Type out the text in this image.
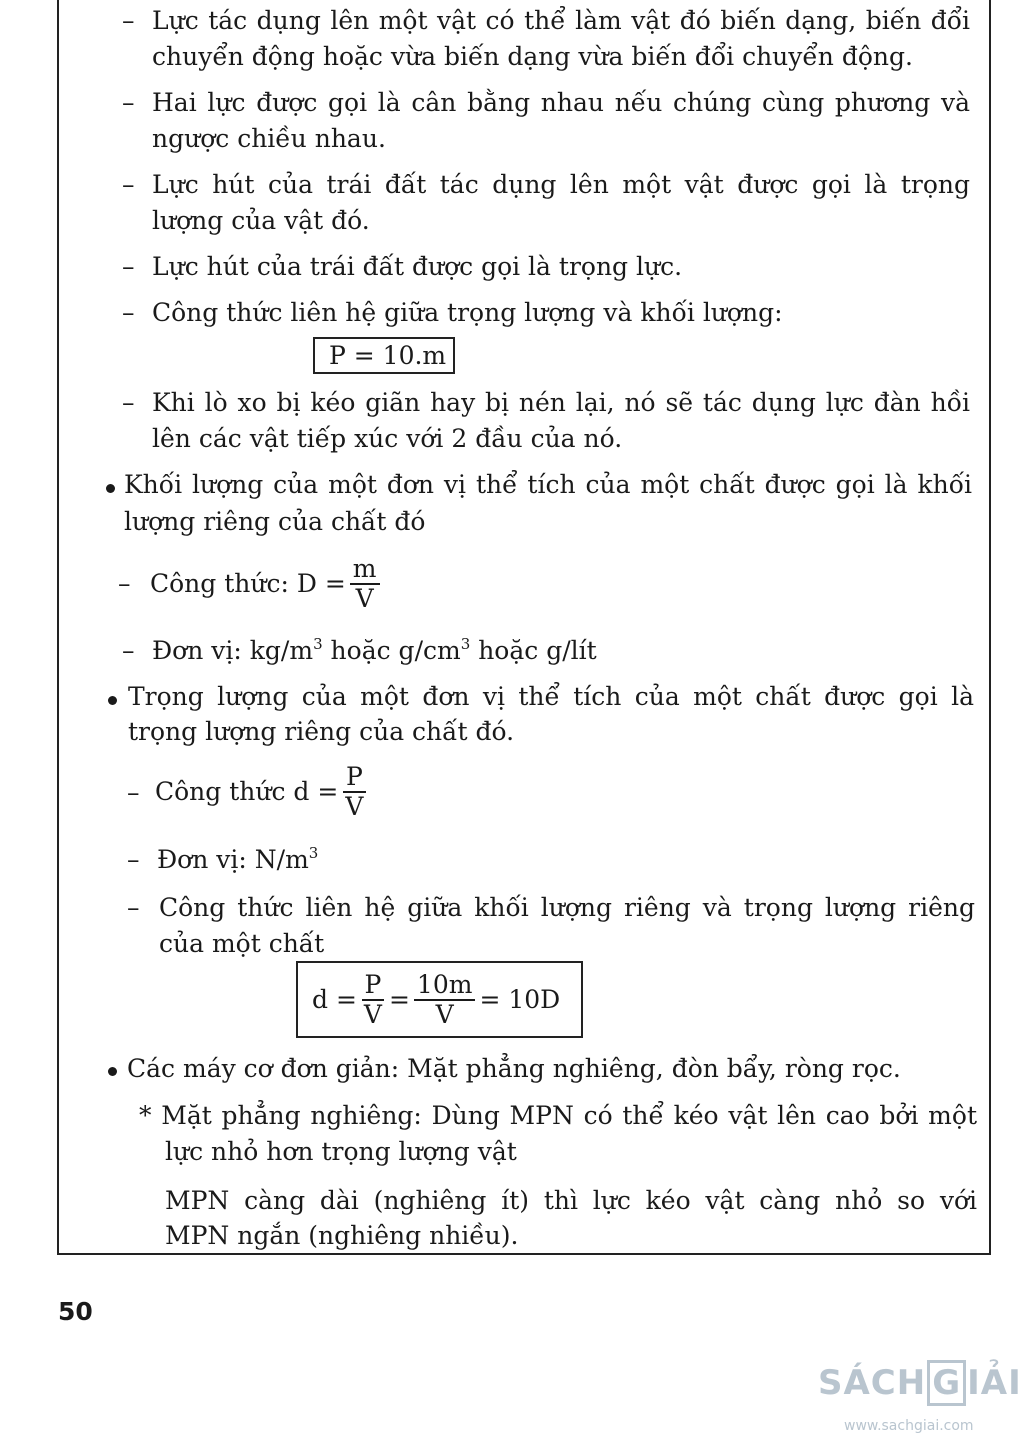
– Lực tác dụng lên một vật có thể làm vật đó biến dạng, biến đổi
chuyển động hoặc vừa biến dạng vừa biến đổi chuyển động.
– Hai lực được gọi là cân bằng nhau nếu chúng cùng phương và
ngược chiều nhau.
– Lực hút của trái đất tác dụng lên một vật được gọi là trọng
lượng của vật đó.
– Lực hút của trái đất được gọi là trọng lực.
– Công thức liên hệ giữa trọng lượng và khối lượng:
P = 10.m
– Khi lò xo bị kéo giãn hay bị nén lại, nó sẽ tác dụng lực đàn hồi
lên các vật tiếp xúc với 2 đầu của nó.
Khối lượng của một đơn vị thể tích của một chất được gọi là khối
lượng riêng của chất đó
– Công thức: $D = \frac{m}{V}$
– Đơn vị: $kg/m^3$ hoặc $g/cm^3$ hoặc g/lít
Trọng lượng của một đơn vị thể tích của một chất được gọi là
trọng lượng riêng của chất đó.
– Công thức $d = \frac{P}{V}$
– Đơn vị: $N/m^3$
– Công thức liên hệ giữa khối lượng riêng và trọng lượng riêng
của một chất
$d = \frac{P}{V} = \frac{10m}{V} = 10D$
Các máy cơ đơn giản: Mặt phẳng nghiêng, đòn bẩy, ròng rọc.
* Mặt phẳng nghiêng: Dùng MPN có thể kéo vật lên cao bởi một
lực nhỏ hơn trọng lượng vật
MPN càng dài (nghiêng ít) thì lực kéo vật càng nhỏ so với
MPN ngắn (nghiêng nhiều).
50
SÁCH G IẢI
www.sachgiai.com
